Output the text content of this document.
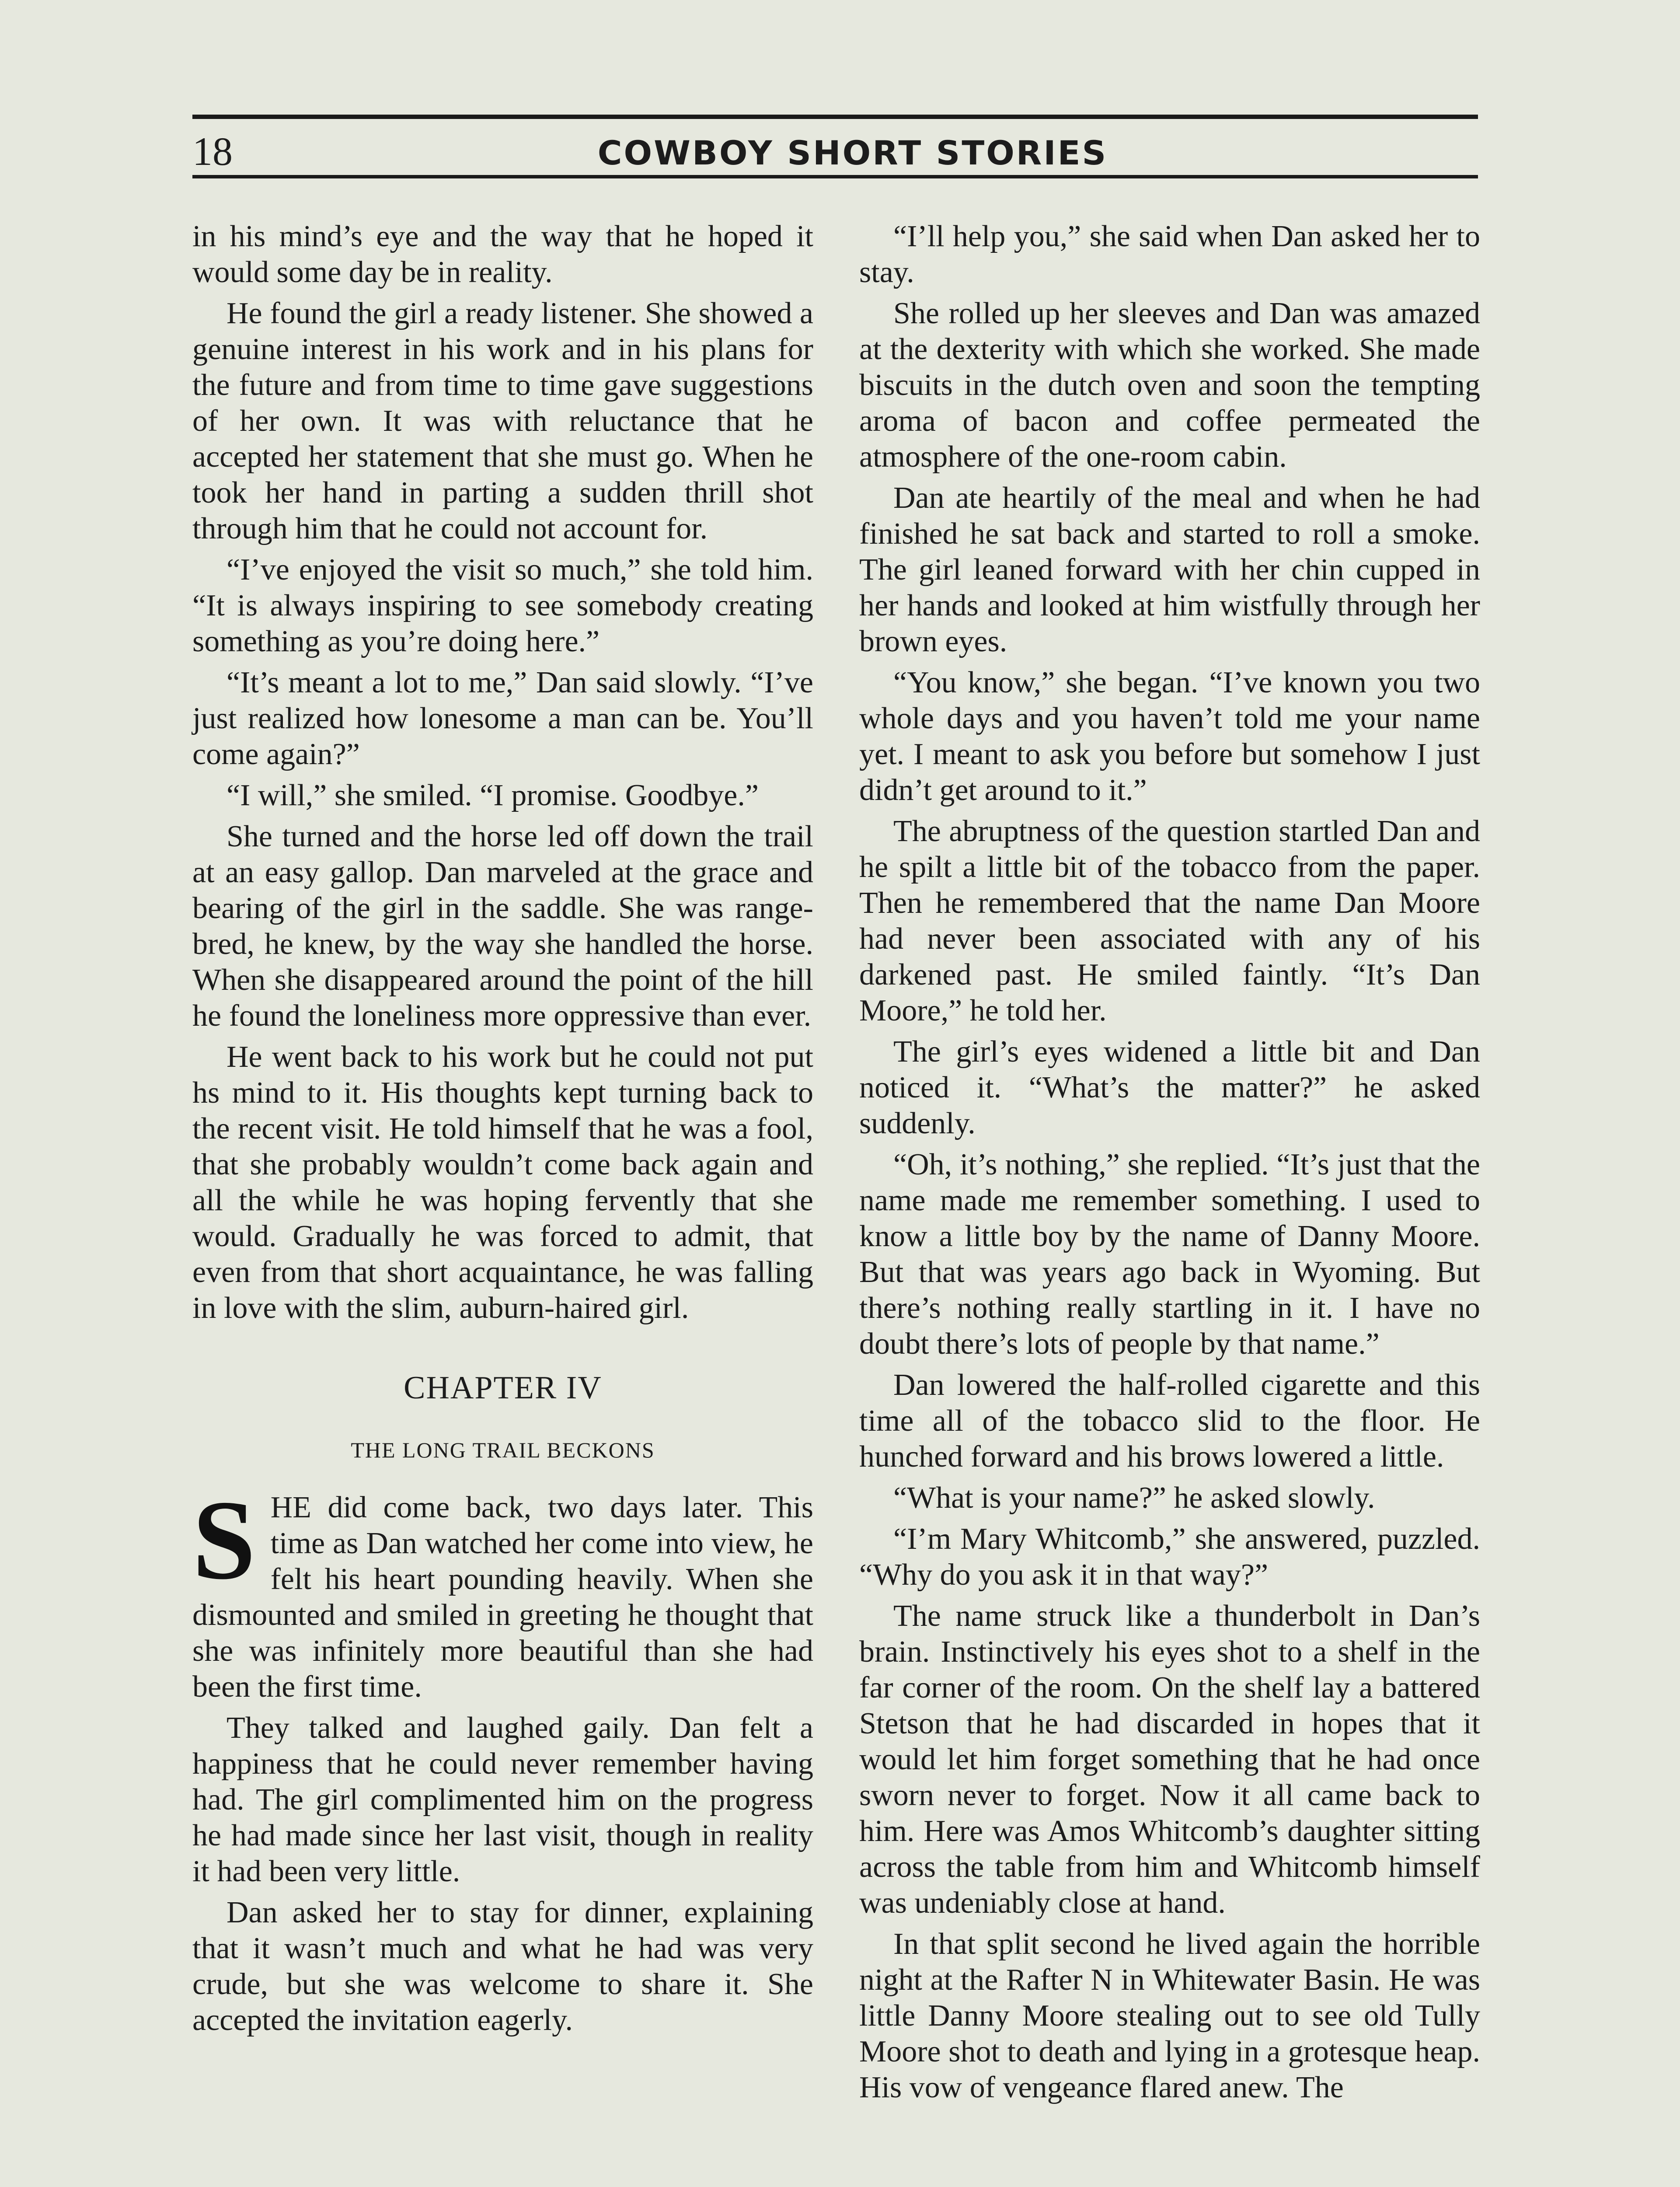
18	COWBOY SHORT STORIES

in his mind’s eye and the way that he hoped it would some day be in reality.

He found the girl a ready listener. She showed a genuine interest in his work and in his plans for the future and from time to time gave suggestions of her own. It was with reluctance that he accepted her statement that she must go. When he took her hand in parting a sudden thrill shot through him that he could not account for.

“I’ve enjoyed the visit so much,” she told him. “It is always inspiring to see somebody creating something as you’re doing here.”

“It’s meant a lot to me,” Dan said slowly. “I’ve just realized how lonesome a man can be. You’ll come again?”

“I will,” she smiled. “I promise. Goodbye.”

She turned and the horse led off down the trail at an easy gallop. Dan marveled at the grace and bearing of the girl in the saddle. She was range-bred, he knew, by the way she handled the horse. When she disappeared around the point of the hill he found the loneliness more oppressive than ever.

He went back to his work but he could not put hs mind to it. His thoughts kept turning back to the recent visit. He told himself that he was a fool, that she probably wouldn’t come back again and all the while he was hoping fervently that she would. Gradually he was forced to admit, that even from that short acquaintance, he was falling in love with the slim, auburn-haired girl.

CHAPTER IV
THE LONG TRAIL BECKONS

SHE did come back, two days later. This time as Dan watched her come into view, he felt his heart pounding heavily. When she dismounted and smiled in greeting he thought that she was infinitely more beautiful than she had been the first time.

They talked and laughed gaily. Dan felt a happiness that he could never remember having had. The girl complimented him on the progress he had made since her last visit, though in reality it had been very little.

Dan asked her to stay for dinner, explaining that it wasn’t much and what he had was very crude, but she was welcome to share it. She accepted the invitation eagerly.

“I’ll help you,” she said when Dan asked her to stay.

She rolled up her sleeves and Dan was amazed at the dexterity with which she worked. She made biscuits in the dutch oven and soon the tempting aroma of bacon and coffee permeated the atmosphere of the one-room cabin.

Dan ate heartily of the meal and when he had finished he sat back and started to roll a smoke. The girl leaned forward with her chin cupped in her hands and looked at him wistfully through her brown eyes.

“You know,” she began. “I’ve known you two whole days and you haven’t told me your name yet. I meant to ask you before but somehow I just didn’t get around to it.”

The abruptness of the question startled Dan and he spilt a little bit of the tobacco from the paper. Then he remembered that the name Dan Moore had never been associated with any of his darkened past. He smiled faintly. “It’s Dan Moore,” he told her.

The girl’s eyes widened a little bit and Dan noticed it. “What’s the matter?” he asked suddenly.

“Oh, it’s nothing,” she replied. “It’s just that the name made me remember something. I used to know a little boy by the name of Danny Moore. But that was years ago back in Wyoming. But there’s nothing really startling in it. I have no doubt there’s lots of people by that name.”

Dan lowered the half-rolled cigarette and this time all of the tobacco slid to the floor. He hunched forward and his brows lowered a little.

“What is your name?” he asked slowly.

“I’m Mary Whitcomb,” she answered, puzzled. “Why do you ask it in that way?”

The name struck like a thunderbolt in Dan’s brain. Instinctively his eyes shot to a shelf in the far corner of the room. On the shelf lay a battered Stetson that he had discarded in hopes that it would let him forget something that he had once sworn never to forget. Now it all came back to him. Here was Amos Whitcomb’s daughter sitting across the table from him and Whitcomb himself was undeniably close at hand.

In that split second he lived again the horrible night at the Rafter N in Whitewater Basin. He was little Danny Moore stealing out to see old Tully Moore shot to death and lying in a grotesque heap. His vow of vengeance flared anew. The
